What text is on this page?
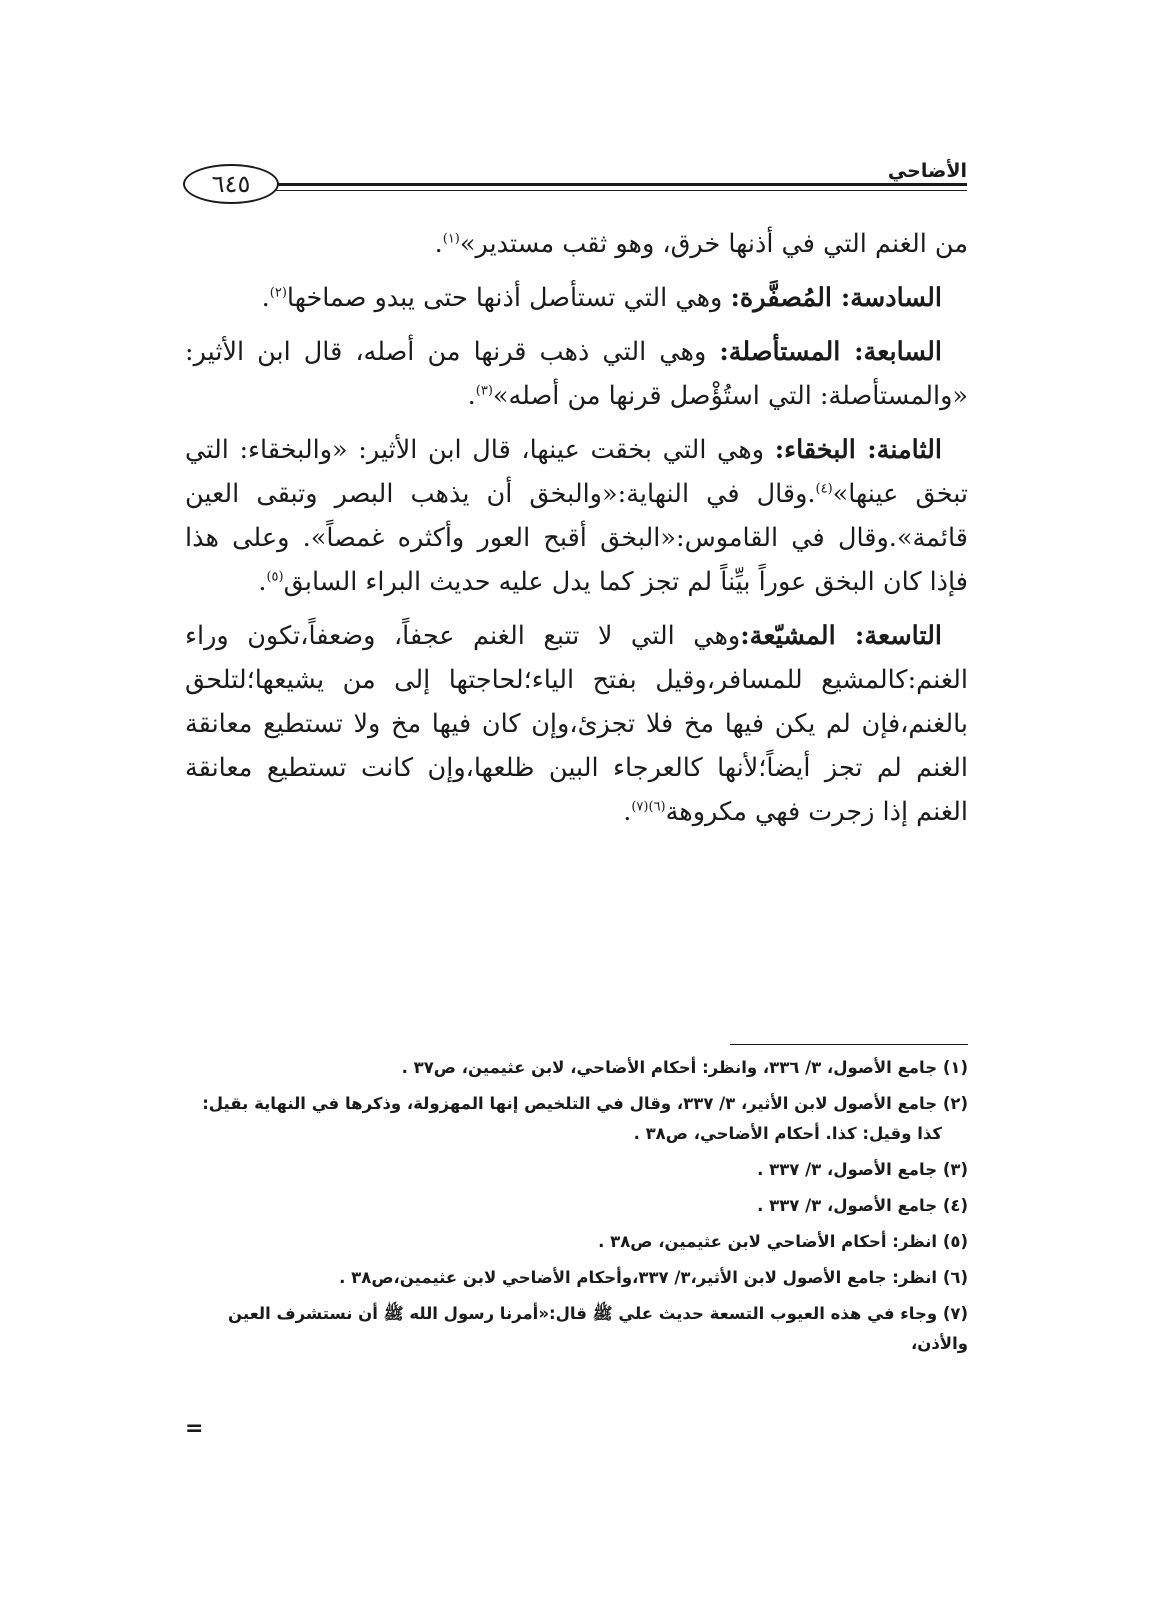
الأضاحي
٦٤٥

من الغنم التي في أذنها خرق، وهو ثقب مستدير»$^{(١)}$.

السادسة: المُصفَّرة: وهي التي تستأصل أذنها حتى يبدو صماخها$^{(٢)}$.

السابعة: المستأصلة: وهي التي ذهب قرنها من أصله، قال ابن الأثير: «والمستأصلة: التي استُؤْصل قرنها من أصله»$^{(٣)}$.

الثامنة: البخقاء: وهي التي بخقت عينها، قال ابن الأثير: «والبخقاء: التي تبخق عينها»$^{(٤)}$.وقال في النهاية:«والبخق أن يذهب البصر وتبقى العين قائمة».وقال في القاموس:«البخق أقبح العور وأكثره غمصاً». وعلى هذا فإذا كان البخق عوراً بيِّناً لم تجز كما يدل عليه حديث البراء السابق$^{(٥)}$.

التاسعة: المشيّعة:وهي التي لا تتبع الغنم عجفاً، وضعفاً،تكون وراء الغنم:كالمشيع للمسافر،وقيل بفتح الياء؛لحاجتها إلى من يشيعها؛لتلحق بالغنم،فإن لم يكن فيها مخ فلا تجزئ،وإن كان فيها مخ ولا تستطيع معانقة الغنم لم تجز أيضاً؛لأنها كالعرجاء البين ظلعها،وإن كانت تستطيع معانقة الغنم إذا زجرت فهي مكروهة$^{(٦)(٧)}$.

(١) جامع الأصول، ٣/ ٣٣٦، وانظر: أحكام الأضاحي، لابن عثيمين، ص٣٧ .
(٢) جامع الأصول لابن الأثير، ٣/ ٣٣٧، وقال في التلخيص إنها المهزولة، وذكرها في النهاية بقيل:
كذا وقيل: كذا. أحكام الأضاحي، ص٣٨ .
(٣) جامع الأصول، ٣/ ٣٣٧ .
(٤) جامع الأصول، ٣/ ٣٣٧ .
(٥) انظر: أحكام الأضاحي لابن عثيمين، ص٣٨ .
(٦) انظر: جامع الأصول لابن الأثير،٣/ ٣٣٧،وأحكام الأضاحي لابن عثيمين،ص٣٨ .
(٧) وجاء في هذه العيوب التسعة حديث علي ﷺ قال:«أمرنا رسول الله ﷺ أن نستشرف العين والأذن،
=
